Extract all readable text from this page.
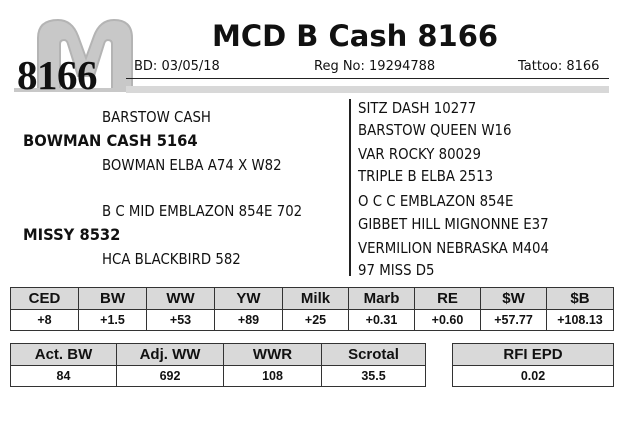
8166
MCD B Cash 8166
BD: 03/05/18	Reg No: 19294788	Tattoo: 8166
BARSTOW CASH
BOWMAN CASH 5164
BOWMAN ELBA A74 X W82
B C MID EMBLAZON 854E 702
MISSY 8532
HCA BLACKBIRD 582
SITZ DASH 10277
BARSTOW QUEEN W16
VAR ROCKY 80029
TRIPLE B ELBA 2513
O C C EMBLAZON 854E
GIBBET HILL MIGNONNE E37
VERMILION NEBRASKA M404
97 MISS D5
CED	BW	WW	YW	Milk	Marb	RE	$W	$B
+8	+1.5	+53	+89	+25	+0.31	+0.60	+57.77	+108.13
Act. BW	Adj. WW	WWR	Scrotal
84	692	108	35.5
RFI EPD
0.02
